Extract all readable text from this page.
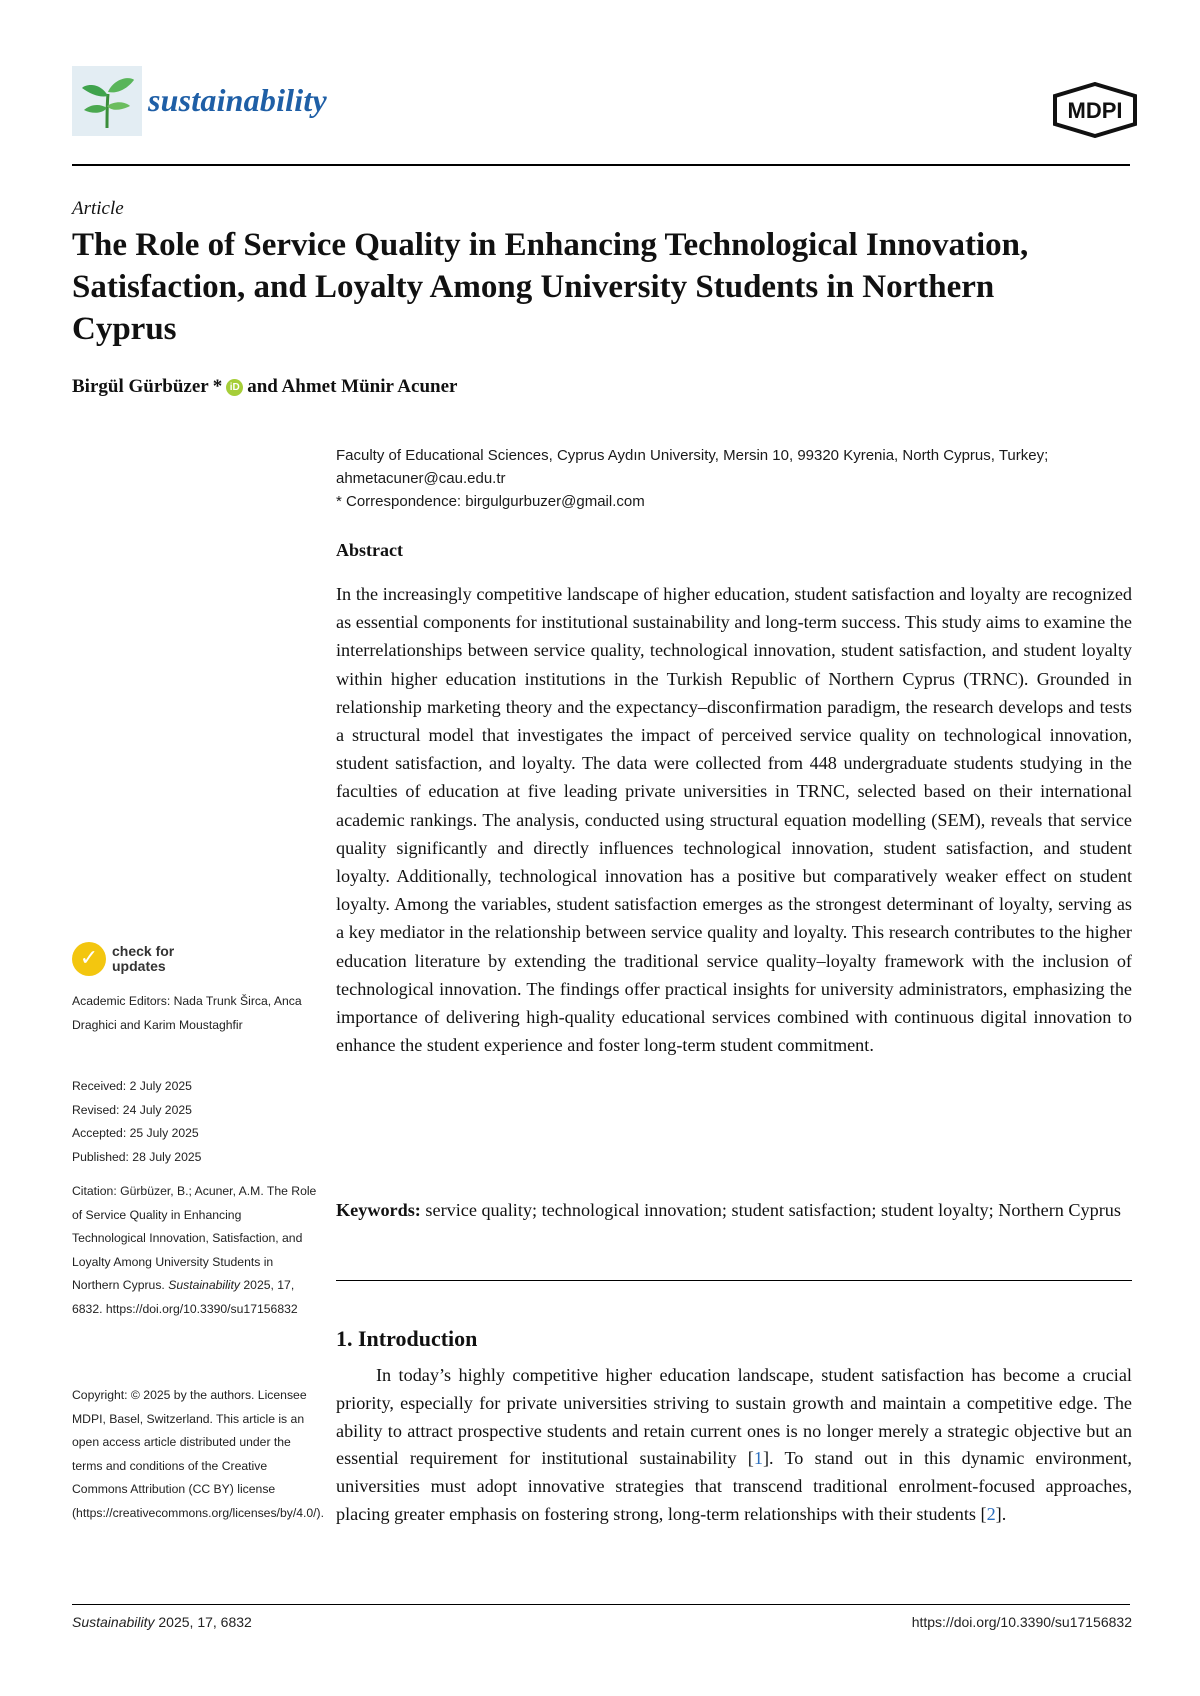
sustainability	MDPI
Article
The Role of Service Quality in Enhancing Technological Innovation, Satisfaction, and Loyalty Among University Students in Northern Cyprus
Birgül Gürbüzer * iD and Ahmet Münir Acuner
Faculty of Educational Sciences, Cyprus Aydın University, Mersin 10, 99320 Kyrenia, North Cyprus, Turkey;
ahmetacuner@cau.edu.tr
* Correspondence: birgulgurbuzer@gmail.com
Abstract

In the increasingly competitive landscape of higher education, student satisfaction and loyalty are recognized as essential components for institutional sustainability and long-term success. This study aims to examine the interrelationships between service quality, technological innovation, student satisfaction, and student loyalty within higher education institutions in the Turkish Republic of Northern Cyprus (TRNC). Grounded in relationship marketing theory and the expectancy–disconfirmation paradigm, the research develops and tests a structural model that investigates the impact of perceived service quality on technological innovation, student satisfaction, and loyalty. The data were collected from 448 undergraduate students studying in the faculties of education at five leading private universities in TRNC, selected based on their international academic rankings. The analysis, conducted using structural equation modelling (SEM), reveals that service quality significantly and directly influences technological innovation, student satisfaction, and student loyalty. Additionally, technological innovation has a positive but comparatively weaker effect on student loyalty. Among the variables, student satisfaction emerges as the strongest determinant of loyalty, serving as a key mediator in the relationship between service quality and loyalty. This research contributes to the higher education literature by extending the traditional service quality–loyalty framework with the inclusion of technological innovation. The findings offer practical insights for university administrators, emphasizing the importance of delivering high-quality educational services combined with continuous digital innovation to enhance the student experience and foster long-term student commitment.

Keywords: service quality; technological innovation; student satisfaction; student loyalty; Northern Cyprus

1. Introduction

In today’s highly competitive higher education landscape, student satisfaction has become a crucial priority, especially for private universities striving to sustain growth and maintain a competitive edge. The ability to attract prospective students and retain current ones is no longer merely a strategic objective but an essential requirement for institutional sustainability [1]. To stand out in this dynamic environment, universities must adopt innovative strategies that transcend traditional enrolment-focused approaches, placing greater emphasis on fostering strong, long-term relationships with their students [2].

✓ check for updates

Academic Editors: Nada Trunk Širca, Anca Draghici and Karim Moustaghfir

Received: 2 July 2025
Revised: 24 July 2025
Accepted: 25 July 2025
Published: 28 July 2025

Citation: Gürbüzer, B.; Acuner, A.M. The Role of Service Quality in Enhancing Technological Innovation, Satisfaction, and Loyalty Among University Students in Northern Cyprus. Sustainability 2025, 17, 6832. https://doi.org/10.3390/su17156832

Copyright: © 2025 by the authors. Licensee MDPI, Basel, Switzerland. This article is an open access article distributed under the terms and conditions of the Creative Commons Attribution (CC BY) license (https://creativecommons.org/licenses/by/4.0/).

Sustainability 2025, 17, 6832	https://doi.org/10.3390/su17156832
